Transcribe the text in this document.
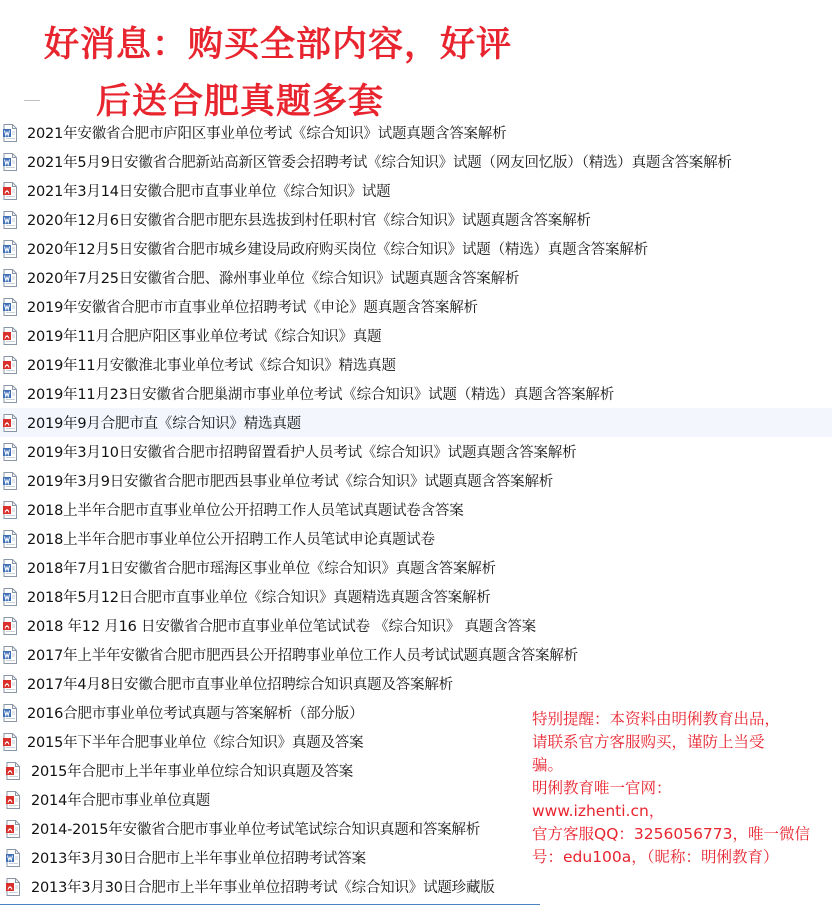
好消息：购买全部内容，好评
后送合肥真题多套
2021年安徽省合肥市庐阳区事业单位考试《综合知识》试题真题含答案解析
2021年5月9日安徽省合肥新站高新区管委会招聘考试《综合知识》试题（网友回忆版）（精选）真题含答案解析
2021年3月14日安徽合肥市直事业单位《综合知识》试题
2020年12月6日安徽省合肥市肥东县选拔到村任职村官《综合知识》试题真题含答案解析
2020年12月5日安徽省合肥市城乡建设局政府购买岗位《综合知识》试题（精选）真题含答案解析
2020年7月25日安徽省合肥、滁州事业单位《综合知识》试题真题含答案解析
2019年安徽省合肥市市直事业单位招聘考试《申论》题真题含答案解析
2019年11月合肥庐阳区事业单位考试《综合知识》真题
2019年11月安徽淮北事业单位考试《综合知识》精选真题
2019年11月23日安徽省合肥巢湖市事业单位考试《综合知识》试题（精选）真题含答案解析
2019年9月合肥市直《综合知识》精选真题
2019年3月10日安徽省合肥市招聘留置看护人员考试《综合知识》试题真题含答案解析
2019年3月9日安徽省合肥市肥西县事业单位考试《综合知识》试题真题含答案解析
2018上半年合肥市直事业单位公开招聘工作人员笔试真题试卷含答案
2018上半年合肥市事业单位公开招聘工作人员笔试申论真题试卷
2018年7月1日安徽省合肥市瑶海区事业单位《综合知识》真题含答案解析
2018年5月12日合肥市直事业单位《综合知识》真题精选真题含答案解析
2018 年12 月16 日安徽省合肥市直事业单位笔试试卷 《综合知识》 真题含答案
2017年上半年安徽省合肥市肥西县公开招聘事业单位工作人员考试试题真题含答案解析
2017年4月8日安徽合肥市直事业单位招聘综合知识真题及答案解析
2016合肥市事业单位考试真题与答案解析（部分版）
2015年下半年合肥事业单位《综合知识》真题及答案
2015年合肥市上半年事业单位综合知识真题及答案
2014年合肥市事业单位真题
2014-2015年安徽省合肥市事业单位考试笔试综合知识真题和答案解析
2013年3月30日合肥市上半年事业单位招聘考试答案
2013年3月30日合肥市上半年事业单位招聘考试《综合知识》试题珍藏版
特别提醒：本资料由明俐教育出品，
请联系官方客服购买，谨防上当受
骗。
明俐教育唯一官网：
www.izhenti.cn，
官方客服QQ：3256056773，唯一微信
号：edu100a，（昵称：明俐教育）
